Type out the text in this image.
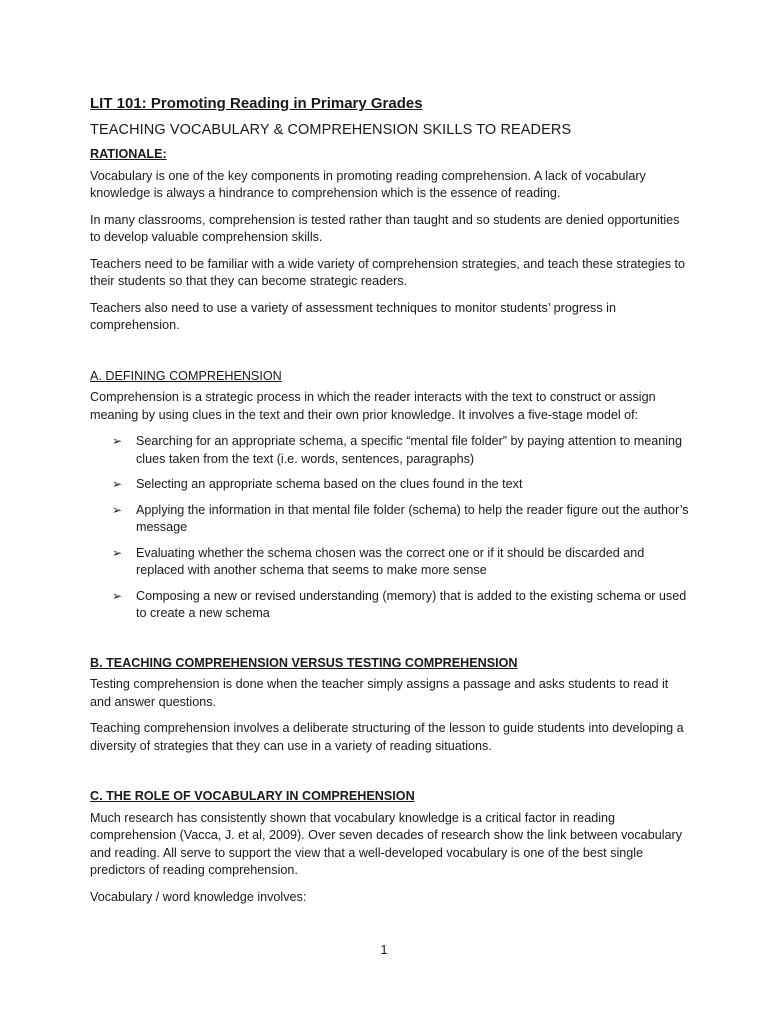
LIT 101: Promoting Reading in Primary Grades
TEACHING VOCABULARY & COMPREHENSION SKILLS TO READERS
RATIONALE:

Vocabulary is one of the key components in promoting reading comprehension. A lack of vocabulary knowledge is always a hindrance to comprehension which is the essence of reading.

In many classrooms, comprehension is tested rather than taught and so students are denied opportunities to develop valuable comprehension skills.

Teachers need to be familiar with a wide variety of comprehension strategies, and teach these strategies to their students so that they can become strategic readers.

Teachers also need to use a variety of assessment techniques to monitor students’ progress in comprehension.

A. DEFINING COMPREHENSION

Comprehension is a strategic process in which the reader interacts with the text to construct or assign meaning by using clues in the text and their own prior knowledge. It involves a five-stage model of:

➢ Searching for an appropriate schema, a specific “mental file folder” by paying attention to meaning clues taken from the text (i.e. words, sentences, paragraphs)
➢ Selecting an appropriate schema based on the clues found in the text
➢ Applying the information in that mental file folder (schema) to help the reader figure out the author’s message
➢ Evaluating whether the schema chosen was the correct one or if it should be discarded and replaced with another schema that seems to make more sense
➢ Composing a new or revised understanding (memory) that is added to the existing schema or used to create a new schema
B. TEACHING COMPREHENSION VERSUS TESTING COMPREHENSION

Testing comprehension is done when the teacher simply assigns a passage and asks students to read it and answer questions.

Teaching comprehension involves a deliberate structuring of the lesson to guide students into developing a diversity of strategies that they can use in a variety of reading situations.

C. THE ROLE OF VOCABULARY IN COMPREHENSION

Much research has consistently shown that vocabulary knowledge is a critical factor in reading comprehension (Vacca, J. et al, 2009). Over seven decades of research show the link between vocabulary and reading. All serve to support the view that a well-developed vocabulary is one of the best single predictors of reading comprehension.

Vocabulary / word knowledge involves:

1
